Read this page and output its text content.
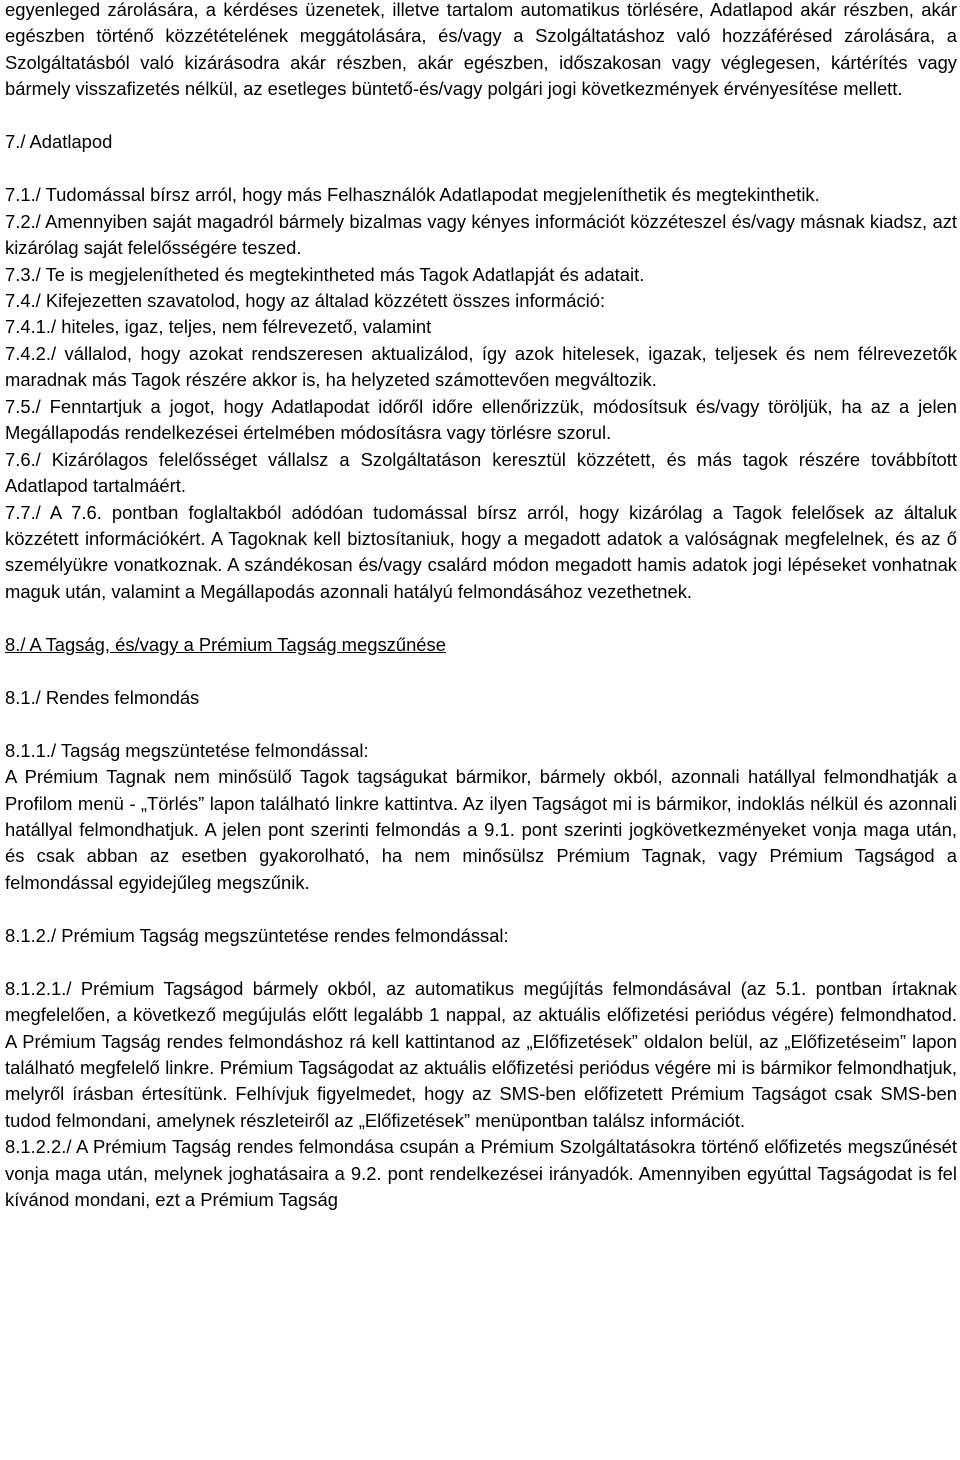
egyenleged zárolására, a kérdéses üzenetek, illetve tartalom automatikus törlésére, Adatlapod akár részben, akár egészben történő közzétételének meggátolására, és/vagy a Szolgáltatáshoz való hozzáférésed zárolására, a Szolgáltatásból való kizárásodra akár részben, akár egészben, időszakosan vagy véglegesen, kártérítés vagy bármely visszafizetés nélkül, az esetleges büntető-és/vagy polgári jogi következmények érvényesítése mellett.

7./ Adatlapod

7.1./ Tudomással bírsz arról, hogy más Felhasználók Adatlapodat megjeleníthetik és megtekinthetik.

7.2./ Amennyiben saját magadról bármely bizalmas vagy kényes információt közzéteszel és/vagy másnak kiadsz, azt kizárólag saját felelősségére teszed.

7.3./ Te is megjelenítheted és megtekintheted más Tagok Adatlapját és adatait.

7.4./ Kifejezetten szavatolod, hogy az általad közzétett összes információ:

7.4.1./ hiteles, igaz, teljes, nem félrevezető, valamint

7.4.2./ vállalod, hogy azokat rendszeresen aktualizálod, így azok hitelesek, igazak, teljesek és nem félrevezetők maradnak más Tagok részére akkor is, ha helyzeted számottevően megváltozik.

7.5./ Fenntartjuk a jogot, hogy Adatlapodat időről időre ellenőrizzük, módosítsuk és/vagy töröljük, ha az a jelen Megállapodás rendelkezései értelmében módosításra vagy törlésre szorul.

7.6./ Kizárólagos felelősséget vállalsz a Szolgáltatáson keresztül közzétett, és más tagok részére továbbított Adatlapod tartalmáért.

7.7./ A 7.6. pontban foglaltakból adódóan tudomással bírsz arról, hogy kizárólag a Tagok felelősek az általuk közzétett információkért. A Tagoknak kell biztosítaniuk, hogy a megadott adatok a valóságnak megfelelnek, és az ő személyükre vonatkoznak. A szándékosan és/vagy csalárd módon megadott hamis adatok jogi lépéseket vonhatnak maguk után, valamint a Megállapodás azonnali hatályú felmondásához vezethetnek.

8./ A Tagság, és/vagy a Prémium Tagság megszűnése

8.1./ Rendes felmondás

8.1.1./ Tagság megszüntetése felmondással:

A Prémium Tagnak nem minősülő Tagok tagságukat bármikor, bármely okból, azonnali hatállyal felmondhatják a Profilom menü - „Törlés” lapon található linkre kattintva. Az ilyen Tagságot mi is bármikor, indoklás nélkül és azonnali hatállyal felmondhatjuk. A jelen pont szerinti felmondás a 9.1. pont szerinti jogkövetkezményeket vonja maga után, és csak abban az esetben gyakorolható, ha nem minősülsz Prémium Tagnak, vagy Prémium Tagságod a felmondással egyidejűleg megszűnik.

8.1.2./ Prémium Tagság megszüntetése rendes felmondással:

8.1.2.1./ Prémium Tagságod bármely okból, az automatikus megújítás felmondásával (az 5.1. pontban írtaknak megfelelően, a következő megújulás előtt legalább 1 nappal, az aktuális előfizetési periódus végére) felmondhatod. A Prémium Tagság rendes felmondáshoz rá kell kattintanod az „Előfizetések” oldalon belül, az „Előfizetéseim” lapon található megfelelő linkre. Prémium Tagságodat az aktuális előfizetési periódus végére mi is bármikor felmondhatjuk, melyről írásban értesítünk. Felhívjuk figyelmedet, hogy az SMS-ben előfizetett Prémium Tagságot csak SMS-ben tudod felmondani, amelynek részleteiről az „Előfizetések” menüpontban találsz információt.

8.1.2.2./ A Prémium Tagság rendes felmondása csupán a Prémium Szolgáltatásokra történő előfizetés megszűnését vonja maga után, melynek joghatásaira a 9.2. pont rendelkezései irányadók. Amennyiben egyúttal Tagságodat is fel kívánod mondani, ezt a Prémium Tagság
